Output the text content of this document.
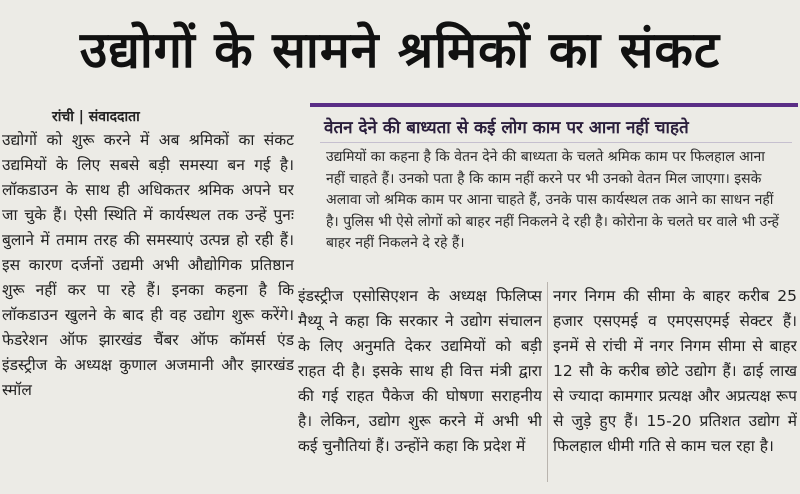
उद्योगों के सामने श्रमिकों का संकट
रांची | संवाददाता

उद्योगों को शुरू करने में अब श्रमिकों का संकट उद्यमियों के लिए सबसे बड़ी समस्या बन गई है। लॉकडाउन के साथ ही अधिकतर श्रमिक अपने घर जा चुके हैं। ऐसी स्थिति में कार्यस्थल तक उन्हें पुनः बुलाने में तमाम तरह की समस्याएं उत्पन्न हो रही हैं। इस कारण दर्जनों उद्यमी अभी औद्योगिक प्रतिष्ठान शुरू नहीं कर पा रहे हैं। इनका कहना है कि लॉकडाउन खुलने के बाद ही वह उद्योग शुरू करेंगे। फेडरेशन ऑफ झारखंड चैंबर ऑफ कॉमर्स एंड इंडस्ट्रीज के अध्यक्ष कुणाल अजमानी और झारखंड स्मॉल

वेतन देने की बाध्यता से कई लोग काम पर आना नहीं चाहते
उद्यमियों का कहना है कि वेतन देने की बाध्यता के चलते श्रमिक काम पर फिलहाल आना नहीं चाहते हैं। उनको पता है कि काम नहीं करने पर भी उनको वेतन मिल जाएगा। इसके अलावा जो श्रमिक काम पर आना चाहते हैं, उनके पास कार्यस्थल तक आने का साधन नहीं है। पुलिस भी ऐसे लोगों को बाहर नहीं निकलने दे रही है। कोरोना के चलते घर वाले भी उन्हें बाहर नहीं निकलने दे रहे हैं।

इंडस्ट्रीज एसोसिएशन के अध्यक्ष फिलिप्स मैथ्यू ने कहा कि सरकार ने उद्योग संचालन के लिए अनुमति देकर उद्यमियों को बड़ी राहत दी है। इसके साथ ही वित्त मंत्री द्वारा की गई राहत पैकेज की घोषणा सराहनीय है। लेकिन, उद्योग शुरू करने में अभी भी कई चुनौतियां हैं। उन्होंने कहा कि प्रदेश में

नगर निगम की सीमा के बाहर करीब 25 हजार एसएमई व एमएसएमई सेक्टर हैं। इनमें से रांची में नगर निगम सीमा से बाहर 12 सौ के करीब छोटे उद्योग हैं। ढाई लाख से ज्यादा कामगार प्रत्यक्ष और अप्रत्यक्ष रूप से जुड़े हुए हैं। 15-20 प्रतिशत उद्योग में फिलहाल धीमी गति से काम चल रहा है।
